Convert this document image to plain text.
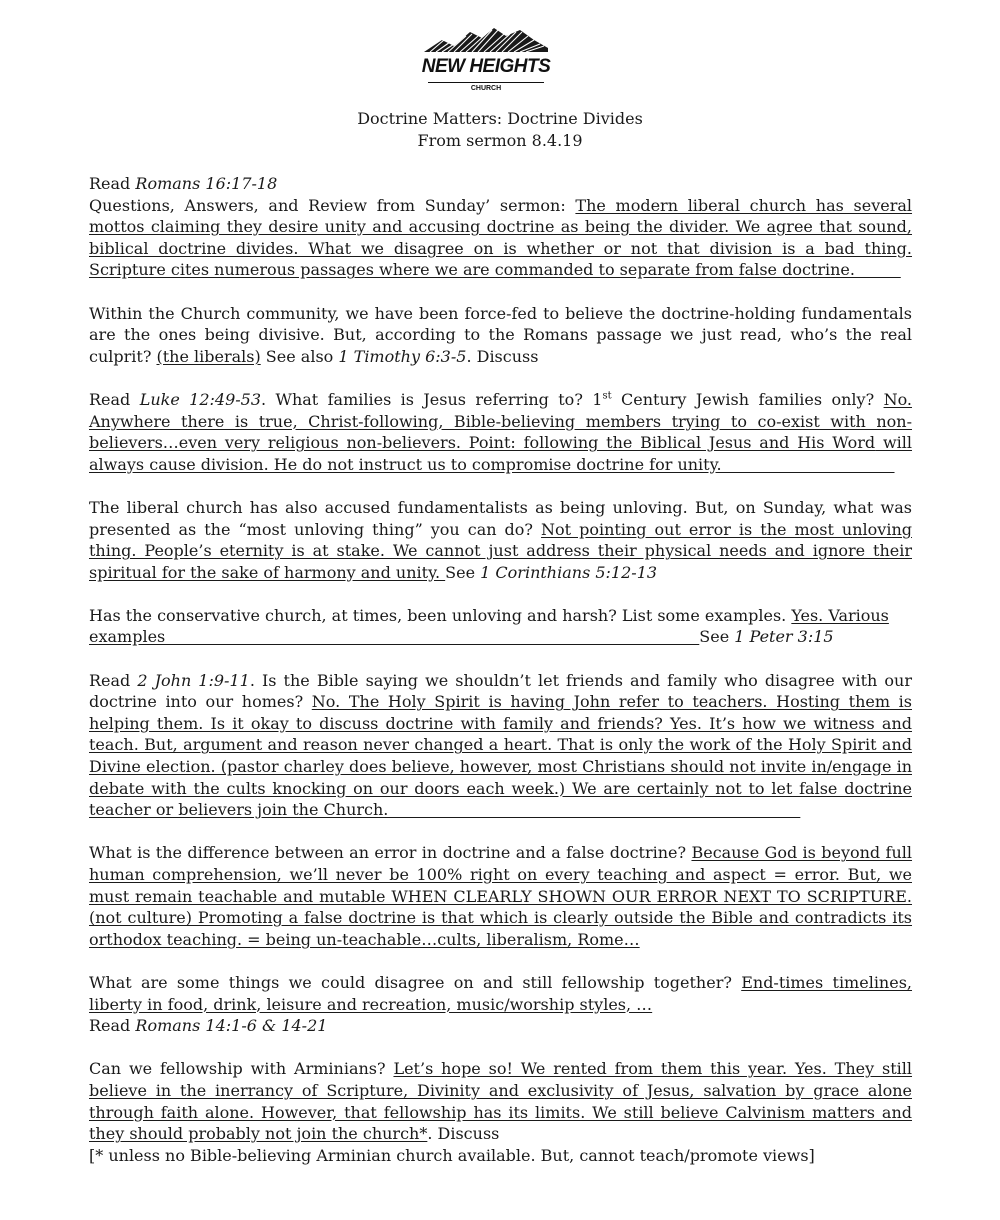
NEW HEIGHTS
CHURCH
Doctrine Matters: Doctrine Divides
From sermon 8.4.19

Read Romans 16:17-18
Questions, Answers, and Review from Sunday’ sermon: The modern liberal church has several mottos claiming they desire unity and accusing doctrine as being the divider. We agree that sound, biblical doctrine divides. What we disagree on is whether or not that division is a bad thing. Scripture cites numerous passages where we are commanded to separate from false doctrine.

Within the Church community, we have been force-fed to believe the doctrine-holding fundamentals are the ones being divisive. But, according to the Romans passage we just read, who’s the real culprit? (the liberals) See also 1 Timothy 6:3-5. Discuss

Read Luke 12:49-53. What families is Jesus referring to? 1st Century Jewish families only? No. Anywhere there is true, Christ-following, Bible-believing members trying to co-exist with non-believers…even very religious non-believers. Point: following the Biblical Jesus and His Word will always cause division. He do not instruct us to compromise doctrine for unity.

The liberal church has also accused fundamentalists as being unloving. But, on Sunday, what was presented as the “most unloving thing” you can do? Not pointing out error is the most unloving thing. People’s eternity is at stake. We cannot just address their physical needs and ignore their spiritual for the sake of harmony and unity. See 1 Corinthians 5:12-13

Has the conservative church, at times, been unloving and harsh? List some examples. Yes. Various examples                                                                                                         See 1 Peter 3:15

Read 2 John 1:9-11. Is the Bible saying we shouldn’t let friends and family who disagree with our doctrine into our homes? No. The Holy Spirit is having John refer to teachers. Hosting them is helping them. Is it okay to discuss doctrine with family and friends? Yes. It’s how we witness and teach. But, argument and reason never changed a heart. That is only the work of the Holy Spirit and Divine election. (pastor charley does believe, however, most Christians should not invite in/engage in debate with the cults knocking on our doors each week.) We are certainly not to let false doctrine teacher or believers join the Church.

What is the difference between an error in doctrine and a false doctrine? Because God is beyond full human comprehension, we’ll never be 100% right on every teaching and aspect = error. But, we must remain teachable and mutable WHEN CLEARLY SHOWN OUR ERROR NEXT TO SCRIPTURE. (not culture) Promoting a false doctrine is that which is clearly outside the Bible and contradicts its orthodox teaching. = being un-teachable…cults, liberalism, Rome…

What are some things we could disagree on and still fellowship together? End-times timelines, liberty in food, drink, leisure and recreation, music/worship styles, …
Read Romans 14:1-6 & 14-21

Can we fellowship with Arminians? Let’s hope so! We rented from them this year. Yes. They still believe in the inerrancy of Scripture, Divinity and exclusivity of Jesus, salvation by grace alone through faith alone. However, that fellowship has its limits. We still believe Calvinism matters and they should probably not join the church*. Discuss
[* unless no Bible-believing Arminian church available. But, cannot teach/promote views]
